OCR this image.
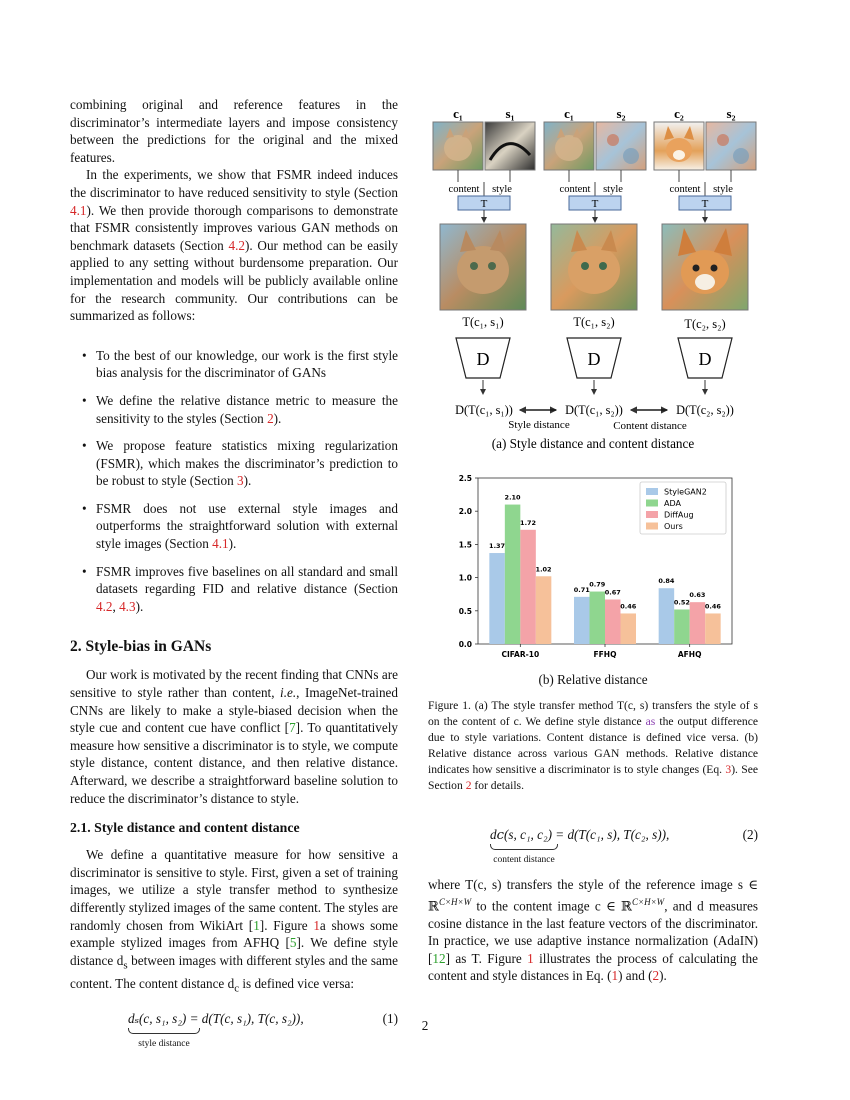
combining original and reference features in the discriminator’s intermediate layers and impose consistency between the predictions for the original and the mixed features.

In the experiments, we show that FSMR indeed induces the discriminator to have reduced sensitivity to style (Section 4.1). We then provide thorough comparisons to demonstrate that FSMR consistently improves various GAN methods on benchmark datasets (Section 4.2). Our method can be easily applied to any setting without burdensome preparation. Our implementation and models will be publicly available online for the research community. Our contributions can be summarized as follows:

• To the best of our knowledge, our work is the first style bias analysis for the discriminator of GANs
• We define the relative distance metric to measure the sensitivity to the styles (Section 2).
• We propose feature statistics mixing regularization (FSMR), which makes the discriminator’s prediction to be robust to style (Section 3).
• FSMR does not use external style images and outperforms the straightforward solution with external style images (Section 4.1).
• FSMR improves five baselines on all standard and small datasets regarding FID and relative distance (Section 4.2, 4.3).
2. Style-bias in GANs

Our work is motivated by the recent finding that CNNs are sensitive to style rather than content, i.e., ImageNet-trained CNNs are likely to make a style-biased decision when the style cue and content cue have conflict [7]. To quantitatively measure how sensitive a discriminator is to style, we compute style distance, content distance, and then relative distance. Afterward, we describe a straightforward baseline solution to reduce the discriminator’s distance to style.

2.1. Style distance and content distance

We define a quantitative measure for how sensitive a discriminator is sensitive to style. First, given a set of training images, we utilize a style transfer method to synthesize differently stylized images of the same content. The styles are randomly chosen from WikiArt [1]. Figure 1a shows some example stylized images from AFHQ [5]. We define style distance $d_s$ between images with different styles and the same content. The content distance $d_c$ is defined vice versa:

dₛ(c, s₁, s₂) = d(T(c, s₁), T(c, s₂)),	(1)
style distance
c₁	s₁	c₁	s₂	c₂	s₂
content style	content style	content style
T	T	T
T(c₁, s₁)	T(c₁, s₂)	T(c₂, s₂)
D	D	D
D(T(c₁, s₁))	D(T(c₁, s₂))	D(T(c₂, s₂))
Style distance	Content distance
(a) Style distance and content distance
0.0
0.5
1.0
1.5
2.0
2.5
1.37
2.10
1.72
1.02
CIFAR-10
0.71
0.79
0.67
0.46
FFHQ
0.84
0.52
0.63
0.46
AFHQ
StyleGAN2
ADA
DiffAug
Ours
(b) Relative distance
Figure 1. (a) The style transfer method T(c, s) transfers the style of s on the content of c. We define style distance as the output difference due to style variations. Content distance is defined vice versa. (b) Relative distance across various GAN methods. Relative distance indicates how sensitive a discriminator is to style changes (Eq. 3). See Section 2 for details.
d𝑐(s, c₁, c₂) = d(T(c₁, s), T(c₂, s)),	(2)
content distance

where T(c, s) transfers the style of the reference image s ∈ ℝ$^{C\times H\times W}$ to the content image c ∈ ℝ$^{C\times H\times W}$, and d measures cosine distance in the last feature vectors of the discriminator. In practice, we use adaptive instance normalization (AdaIN) [12] as T. Figure 1 illustrates the process of calculating the content and style distances in Eq. (1) and (2).

2
